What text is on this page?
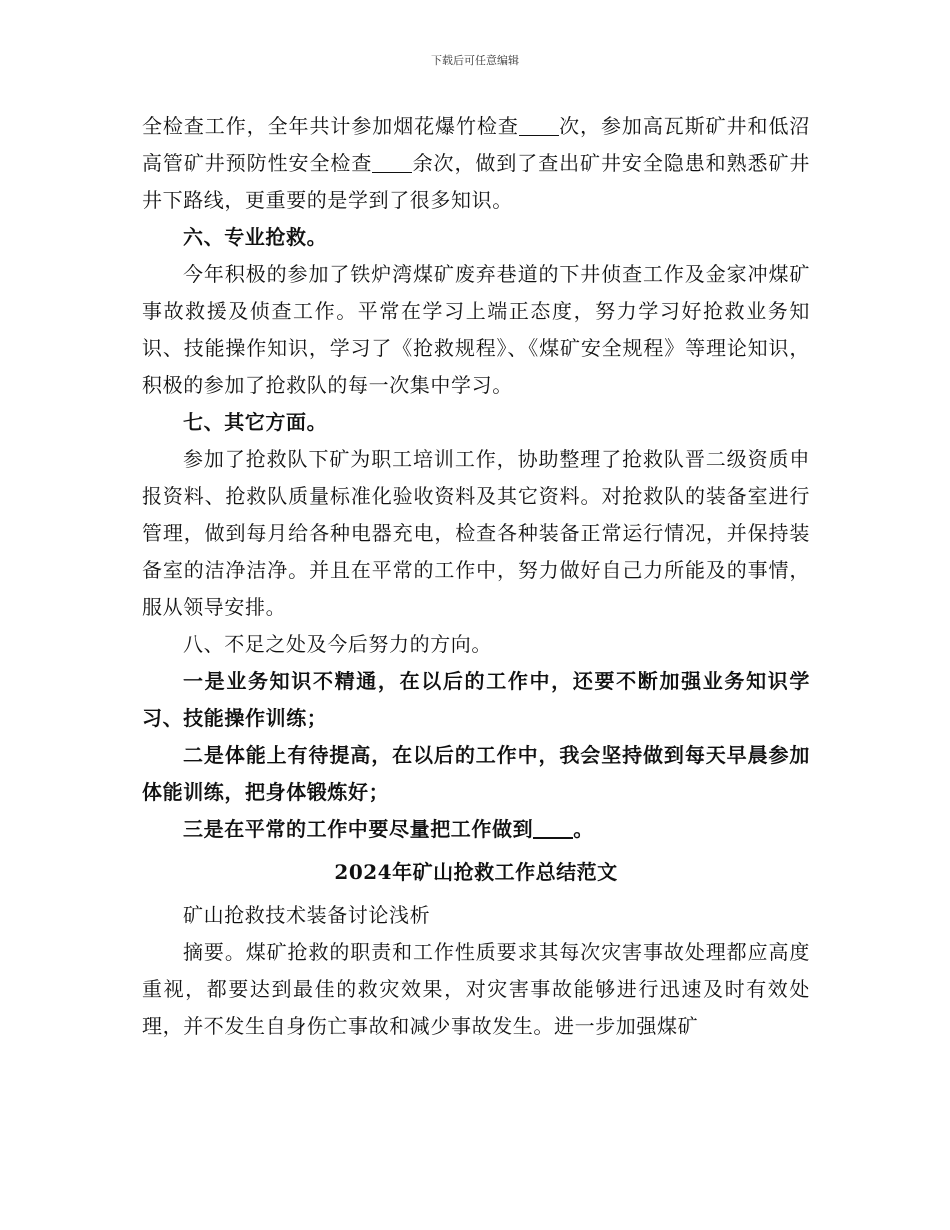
下载后可任意编辑

全检查工作，全年共计参加烟花爆竹检查 次，参加高瓦斯矿井和低沼高管矿井预防性安全检查 余次，做到了查出矿井安全隐患和熟悉矿井井下路线，更重要的是学到了很多知识。

六、专业抢救。

今年积极的参加了铁炉湾煤矿废弃巷道的下井侦查工作及金家冲煤矿事故救援及侦查工作。平常在学习上端正态度，努力学习好抢救业务知识、技能操作知识，学习了《抢救规程》、《煤矿安全规程》等理论知识，积极的参加了抢救队的每一次集中学习。

七、其它方面。

参加了抢救队下矿为职工培训工作，协助整理了抢救队晋二级资质申报资料、抢救队质量标准化验收资料及其它资料。对抢救队的装备室进行管理，做到每月给各种电器充电，检查各种装备正常运行情况，并保持装备室的洁净洁净。并且在平常的工作中，努力做好自己力所能及的事情，服从领导安排。

八、不足之处及今后努力的方向。

一是业务知识不精通，在以后的工作中，还要不断加强业务知识学习、技能操作训练；

二是体能上有待提高，在以后的工作中，我会坚持做到每天早晨参加体能训练，把身体锻炼好；

三是在平常的工作中要尽量把工作做到 。

2024年矿山抢救工作总结范文

矿山抢救技术装备讨论浅析

摘要。煤矿抢救的职责和工作性质要求其每次灾害事故处理都应高度重视，都要达到最佳的救灾效果，对灾害事故能够进行迅速及时有效处理，并不发生自身伤亡事故和减少事故发生。进一步加强煤矿
